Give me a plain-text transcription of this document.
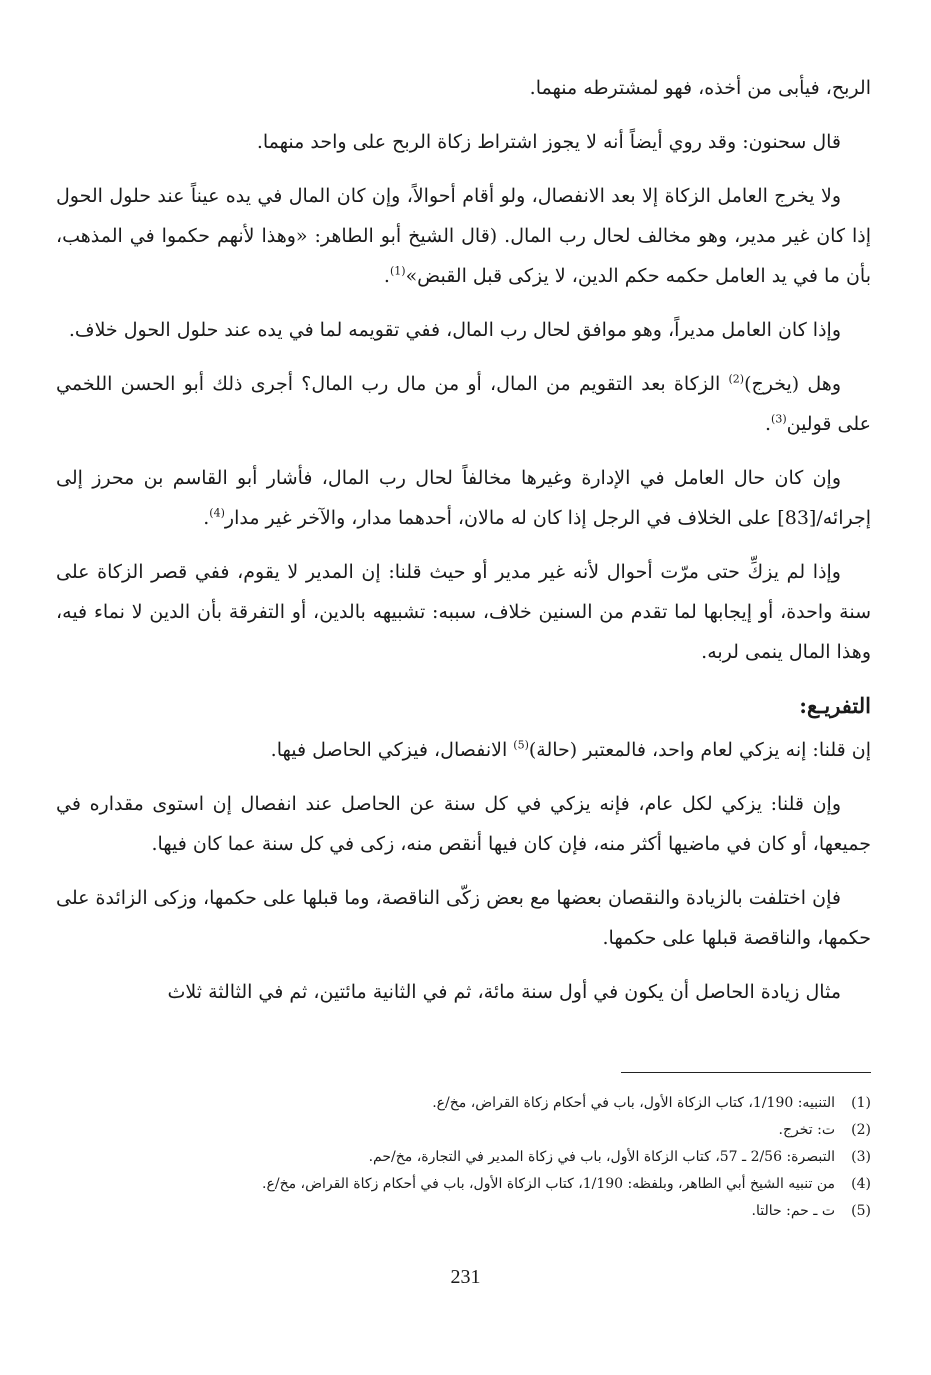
الربح، فيأبى من أخذه، فهو لمشترطه منهما.

قال سحنون: وقد روي أيضاً أنه لا يجوز اشتراط زكاة الربح على واحد منهما.

ولا يخرج العامل الزكاة إلا بعد الانفصال، ولو أقام أحوالاً، وإن كان المال في يده عيناً عند حلول الحول إذا كان غير مدير، وهو مخالف لحال رب المال. (قال الشيخ أبو الطاهر: «وهذا لأنهم حكموا في المذهب، بأن ما في يد العامل حكمه حكم الدين، لا يزكى قبل القبض»$^{(1)}$.

وإذا كان العامل مديراً، وهو موافق لحال رب المال، ففي تقويمه لما في يده عند حلول الحول خلاف.

وهل (يخرج)$^{(2)}$ الزكاة بعد التقويم من المال، أو من مال رب المال؟ أجرى ذلك أبو الحسن اللخمي على قولين$^{(3)}$.

وإن كان حال العامل في الإدارة وغيرها مخالفاً لحال رب المال، فأشار أبو القاسم بن محرز إلى إجرائه/[83] على الخلاف في الرجل إذا كان له مالان، أحدهما مدار، والآخر غير مدار$^{(4)}$.

وإذا لم يزكِّ حتى مرّت أحوال لأنه غير مدير أو حيث قلنا: إن المدير لا يقوم، ففي قصر الزكاة على سنة واحدة، أو إيجابها لما تقدم من السنين خلاف، سببه: تشبيهه بالدين، أو التفرقة بأن الدين لا نماء فيه، وهذا المال ينمى لربه.

التفريـع:

إن قلنا: إنه يزكي لعام واحد، فالمعتبر (حالة)$^{(5)}$ الانفصال، فيزكي الحاصل فيها.

وإن قلنا: يزكي لكل عام، فإنه يزكي في كل سنة عن الحاصل عند انفصال إن استوى مقداره في جميعها، أو كان في ماضيها أكثر منه، فإن كان فيها أنقص منه، زكى في كل سنة عما كان فيها.

فإن اختلفت بالزيادة والنقصان بعضها مع بعض زكّى الناقصة، وما قبلها على حكمها، وزكى الزائدة على حكمها، والناقصة قبلها على حكمها.

مثال زيادة الحاصل أن يكون في أول سنة مائة، ثم في الثانية مائتين، ثم في الثالثة ثلاث

(1)
التنبيه: 1/190، كتاب الزكاة الأول، باب في أحكام زكاة القراض، مخ/ع.
(2)
ت: تخرج.
(3)
التبصرة: 2/56 ـ 57، كتاب الزكاة الأول، باب في زكاة المدير في التجارة، مخ/حم.
(4)
من تنبيه الشيخ أبي الطاهر، وبلفظه: 1/190، كتاب الزكاة الأول، باب في أحكام زكاة القراض، مخ/ع.
(5)
ت ـ حم: حالتا.
231
